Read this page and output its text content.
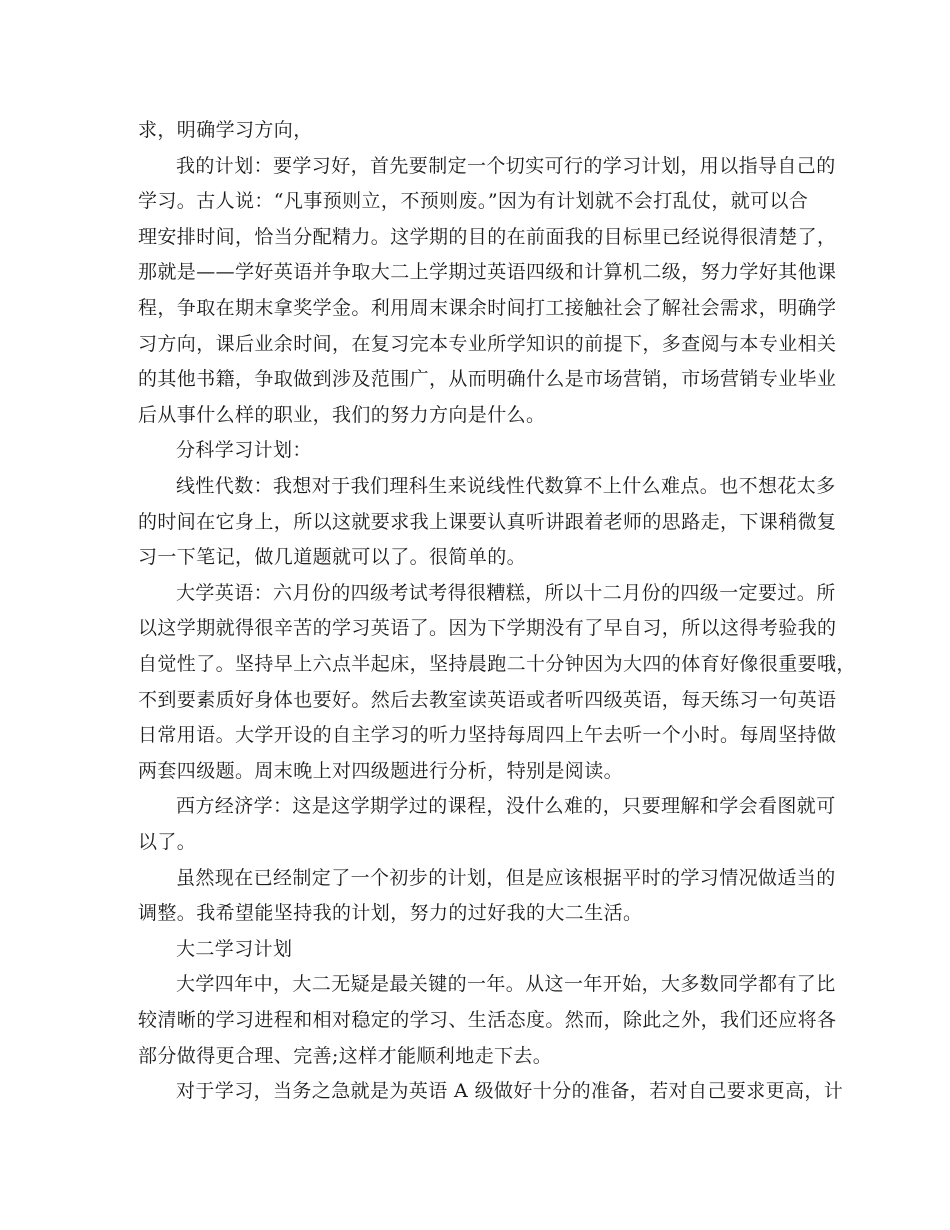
求，明确学习方向，
我的计划：要学习好，首先要制定一个切实可行的学习计划，用以指导自己的
学习。古人说：“凡事预则立，不预则废。”因为有计划就不会打乱仗，就可以合
理安排时间，恰当分配精力。这学期的目的在前面我的目标里已经说得很清楚了，
那就是——学好英语并争取大二上学期过英语四级和计算机二级，努力学好其他课
程，争取在期末拿奖学金。利用周末课余时间打工接触社会了解社会需求，明确学
习方向，课后业余时间，在复习完本专业所学知识的前提下，多查阅与本专业相关
的其他书籍，争取做到涉及范围广，从而明确什么是市场营销，市场营销专业毕业
后从事什么样的职业，我们的努力方向是什么。
分科学习计划：
线性代数：我想对于我们理科生来说线性代数算不上什么难点。也不想花太多
的时间在它身上，所以这就要求我上课要认真听讲跟着老师的思路走，下课稍微复
习一下笔记，做几道题就可以了。很简单的。
大学英语：六月份的四级考试考得很糟糕，所以十二月份的四级一定要过。所
以这学期就得很辛苦的学习英语了。因为下学期没有了早自习，所以这得考验我的
自觉性了。坚持早上六点半起床，坚持晨跑二十分钟因为大四的体育好像很重要哦，
不到要素质好身体也要好。然后去教室读英语或者听四级英语，每天练习一句英语
日常用语。大学开设的自主学习的听力坚持每周四上午去听一个小时。每周坚持做
两套四级题。周末晚上对四级题进行分析，特别是阅读。
西方经济学：这是这学期学过的课程，没什么难的，只要理解和学会看图就可
以了。
虽然现在已经制定了一个初步的计划，但是应该根据平时的学习情况做适当的
调整。我希望能坚持我的计划，努力的过好我的大二生活。
大二学习计划
大学四年中，大二无疑是最关键的一年。从这一年开始，大多数同学都有了比
较清晰的学习进程和相对稳定的学习、生活态度。然而，除此之外，我们还应将各
部分做得更合理、完善;这样才能顺利地走下去。
对于学习，当务之急就是为英语 A 级做好十分的准备，若对自己要求更高，计
